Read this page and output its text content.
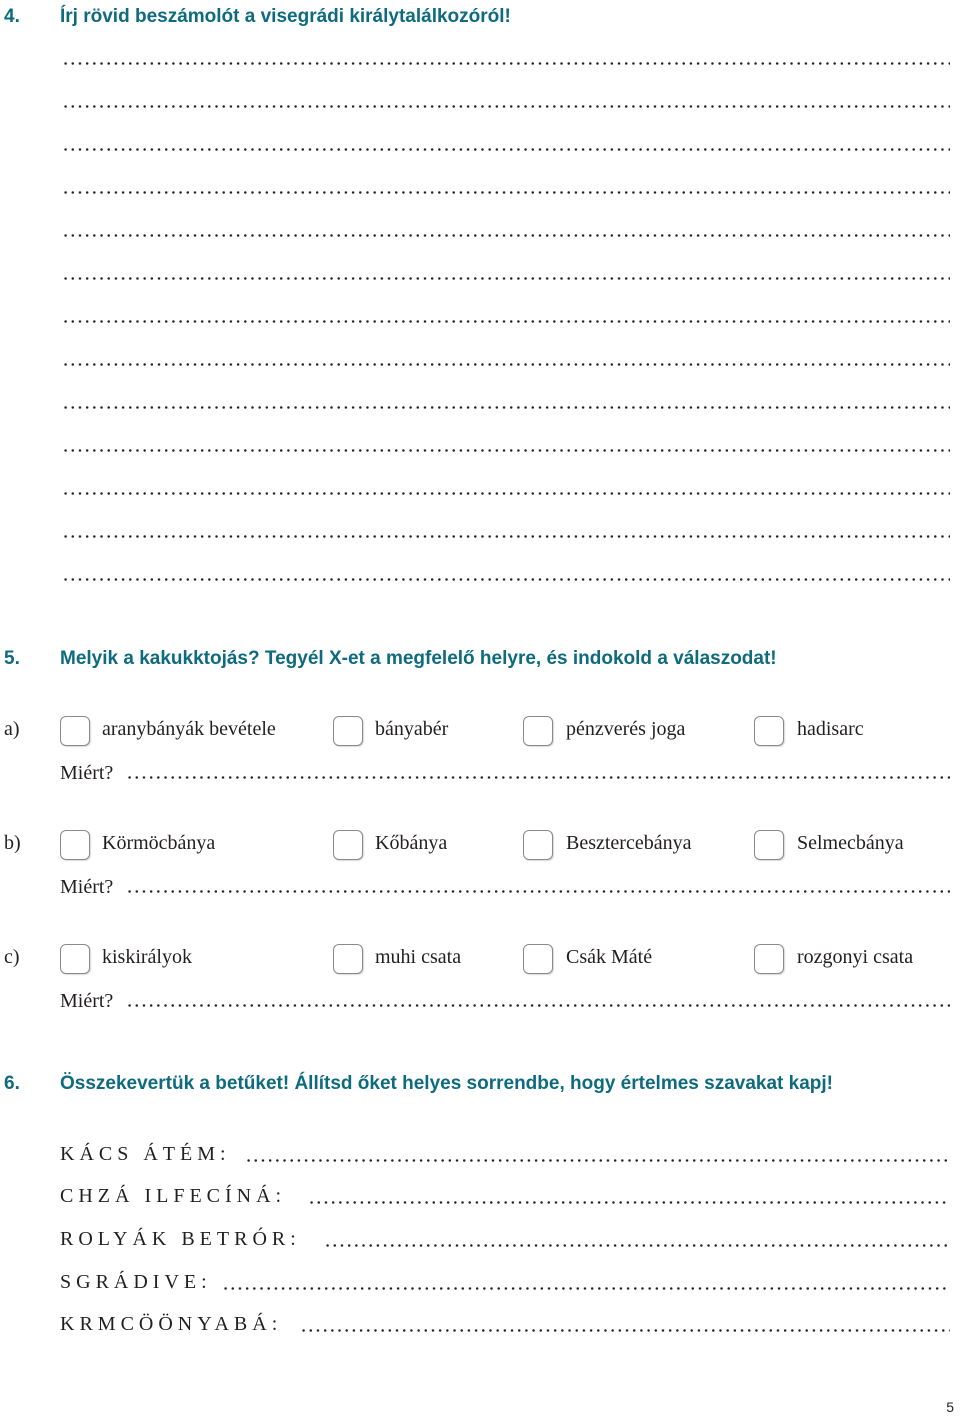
4. Írj rövid beszámolót a visegrádi királytalálkozóról!
5. Melyik a kakukktojás? Tegyél X-et a megfelelő helyre, és indokold a válaszodat!
a)	aranybányák bevétele	bányabér	pénzverés joga	hadisarc
Miért?
b)	Körmöcbánya	Kőbánya	Besztercebánya	Selmecbánya
Miért?
c)	kiskirályok	muhi csata	Csák Máté	rozgonyi csata
Miért?
6. Összekevertük a betűket! Állítsd őket helyes sorrendbe, hogy értelmes szavakat kapj!
KÁCS ÁTÉM:
CHZÁ ILFECÍNÁ:
ROLYÁK BETRÓR:
SGRÁDIVE:
KRMCÖÖNYABÁ:
5
